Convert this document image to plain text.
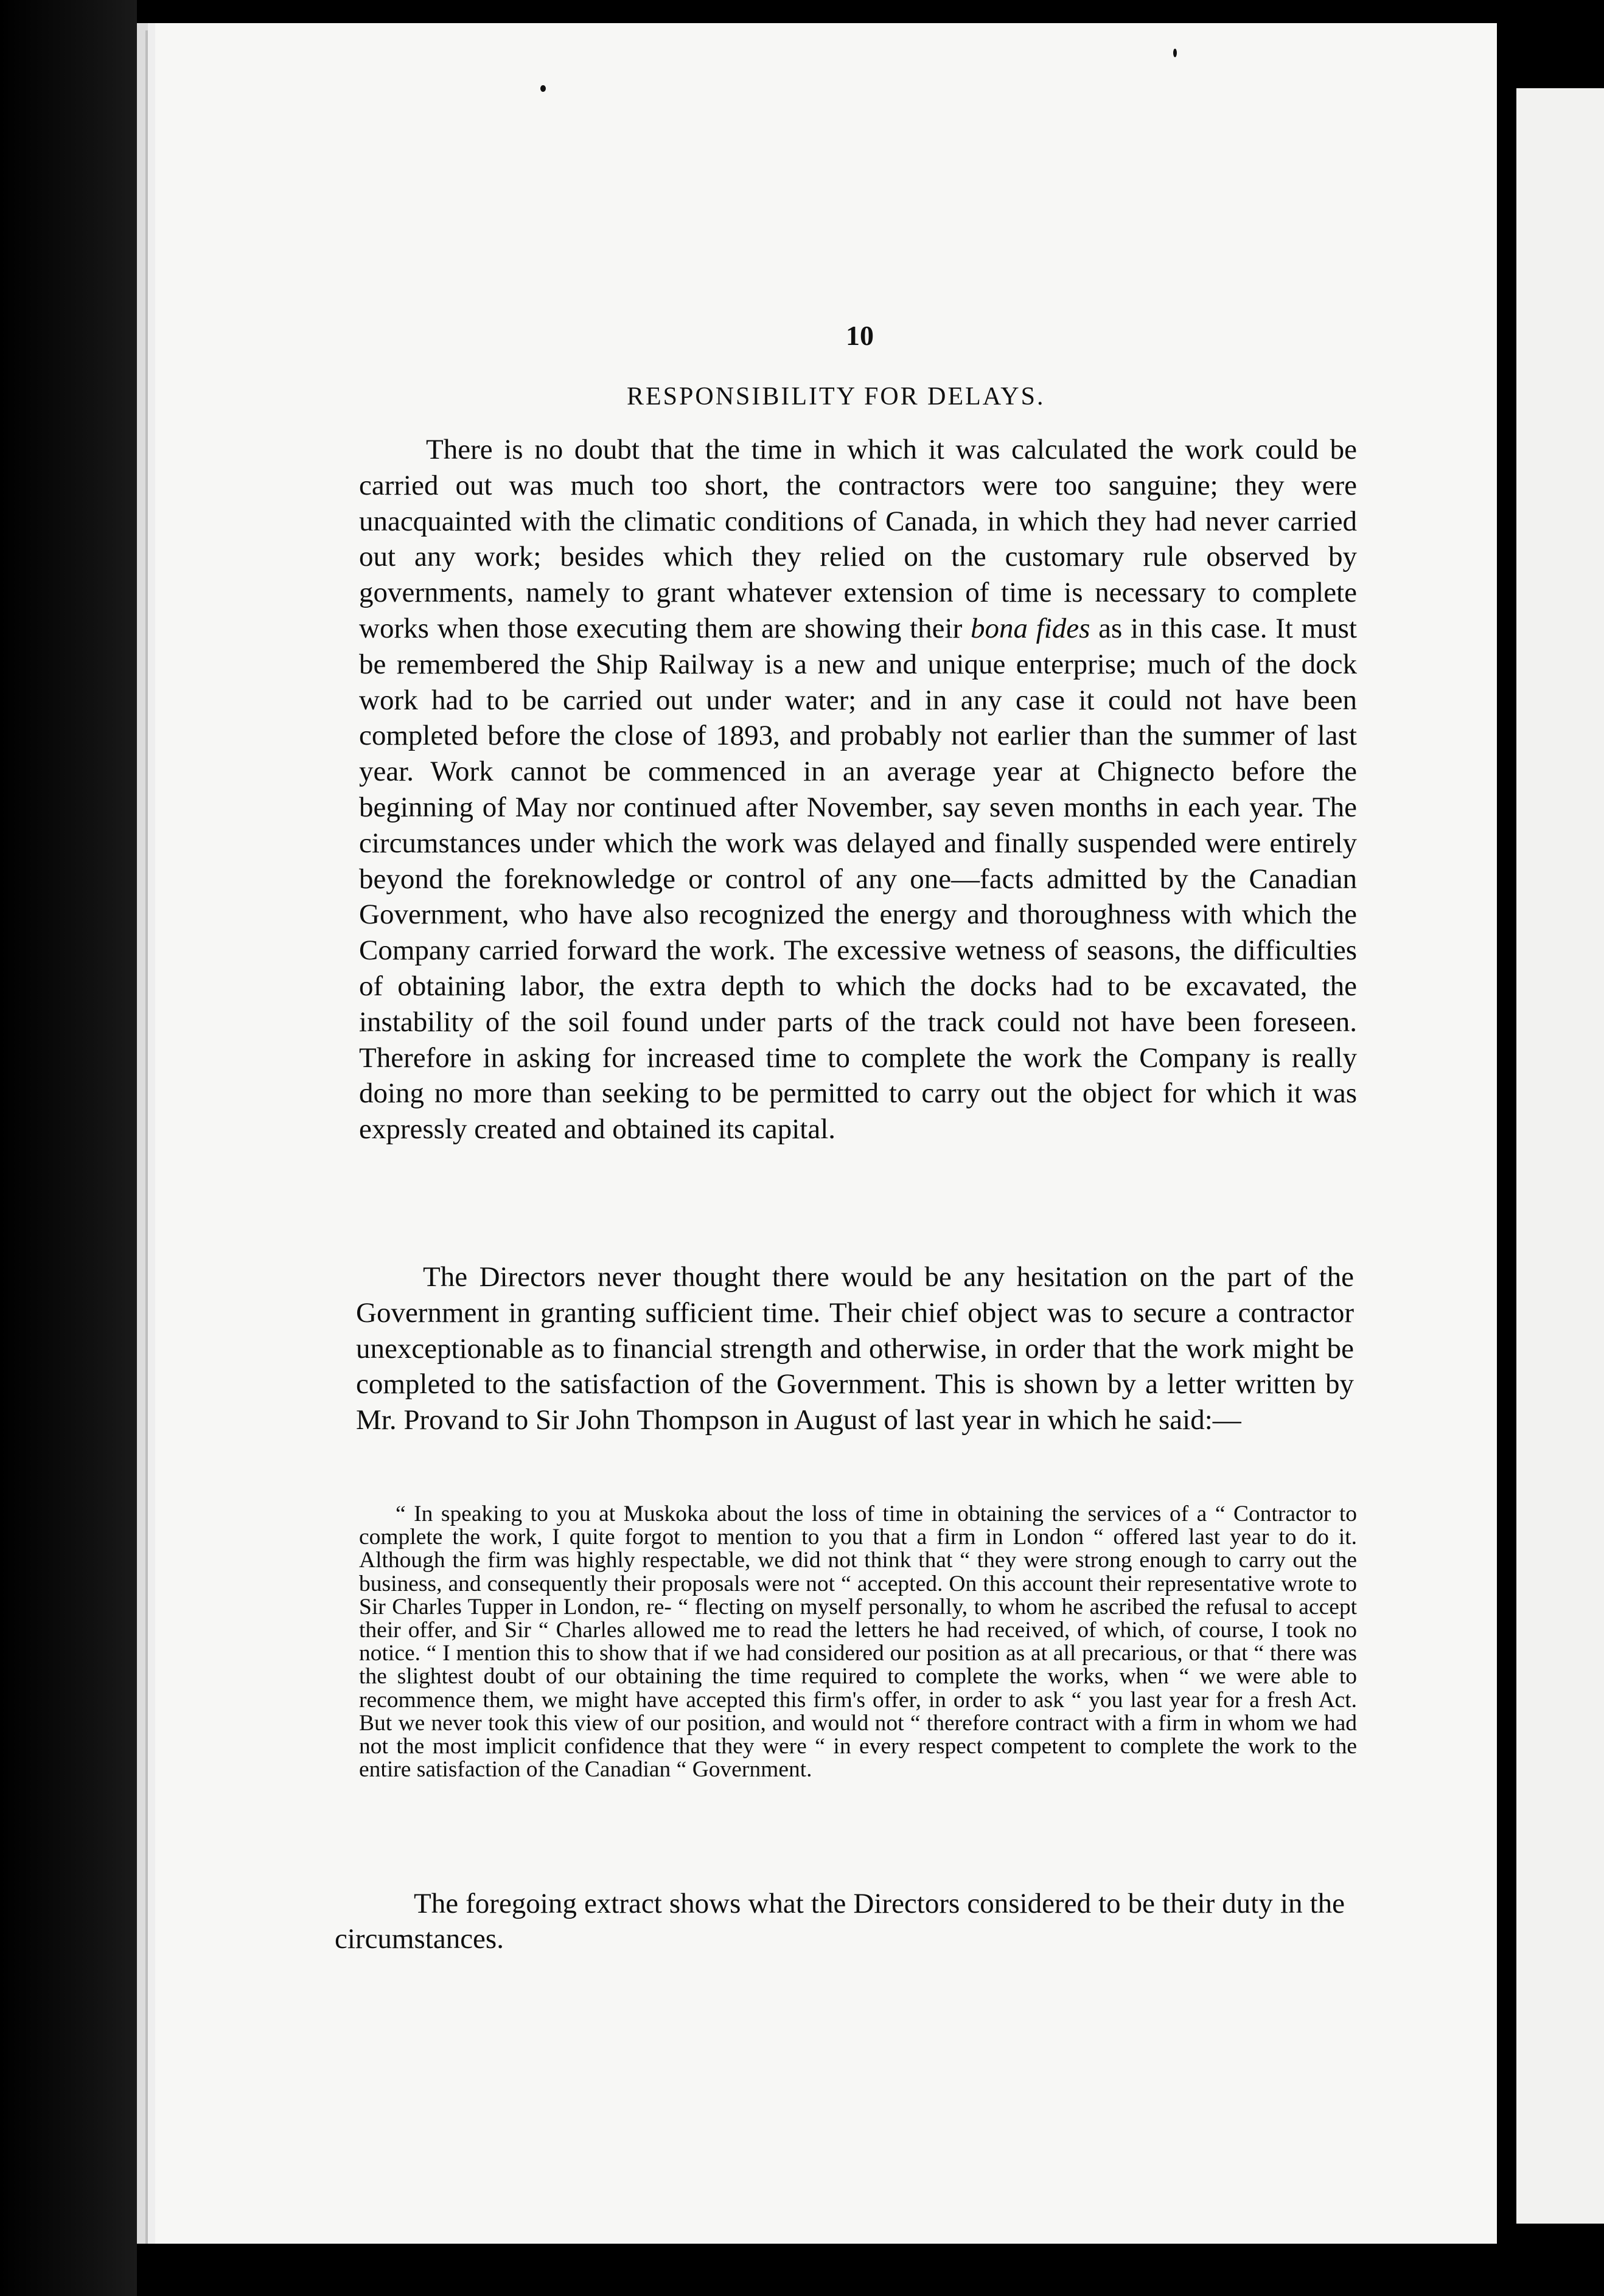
10
RESPONSIBILITY FOR DELAYS.

There is no doubt that the time in which it was calculated the work could be carried out was much too short, the contractors were too sanguine; they were unacquainted with the climatic conditions of Canada, in which they had never carried out any work; besides which they relied on the customary rule observed by governments, namely to grant whatever extension of time is necessary to complete works when those executing them are showing their bona fides as in this case. It must be remembered the Ship Railway is a new and unique enterprise; much of the dock work had to be carried out under water; and in any case it could not have been completed before the close of 1893, and probably not earlier than the summer of last year. Work cannot be commenced in an average year at Chignecto before the beginning of May nor continued after November, say seven months in each year. The circumstances under which the work was delayed and finally suspended were entirely beyond the foreknowledge or control of any one—facts admitted by the Canadian Government, who have also recognized the energy and thoroughness with which the Company carried forward the work. The excessive wetness of seasons, the difficulties of obtaining labor, the extra depth to which the docks had to be excavated, the instability of the soil found under parts of the track could not have been foreseen. Therefore in asking for increased time to complete the work the Company is really doing no more than seeking to be permitted to carry out the object for which it was expressly created and obtained its capital.

The Directors never thought there would be any hesitation on the part of the Government in granting sufficient time. Their chief object was to secure a contractor unexceptionable as to financial strength and otherwise, in order that the work might be completed to the satisfaction of the Government. This is shown by a letter written by Mr. Provand to Sir John Thompson in August of last year in which he said:—

“ In speaking to you at Muskoka about the loss of time in obtaining the services of a “ Contractor to complete the work, I quite forgot to mention to you that a firm in London “ offered last year to do it. Although the firm was highly respectable, we did not think that “ they were strong enough to carry out the business, and consequently their proposals were not “ accepted. On this account their representative wrote to Sir Charles Tupper in London, re- “ flecting on myself personally, to whom he ascribed the refusal to accept their offer, and Sir “ Charles allowed me to read the letters he had received, of which, of course, I took no notice. “ I mention this to show that if we had considered our position as at all precarious, or that “ there was the slightest doubt of our obtaining the time required to complete the works, when “ we were able to recommence them, we might have accepted this firm's offer, in order to ask “ you last year for a fresh Act. But we never took this view of our position, and would not “ therefore contract with a firm in whom we had not the most implicit confidence that they were “ in every respect competent to complete the work to the entire satisfaction of the Canadian “ Government.

The foregoing extract shows what the Directors considered to be their duty in the circumstances.
